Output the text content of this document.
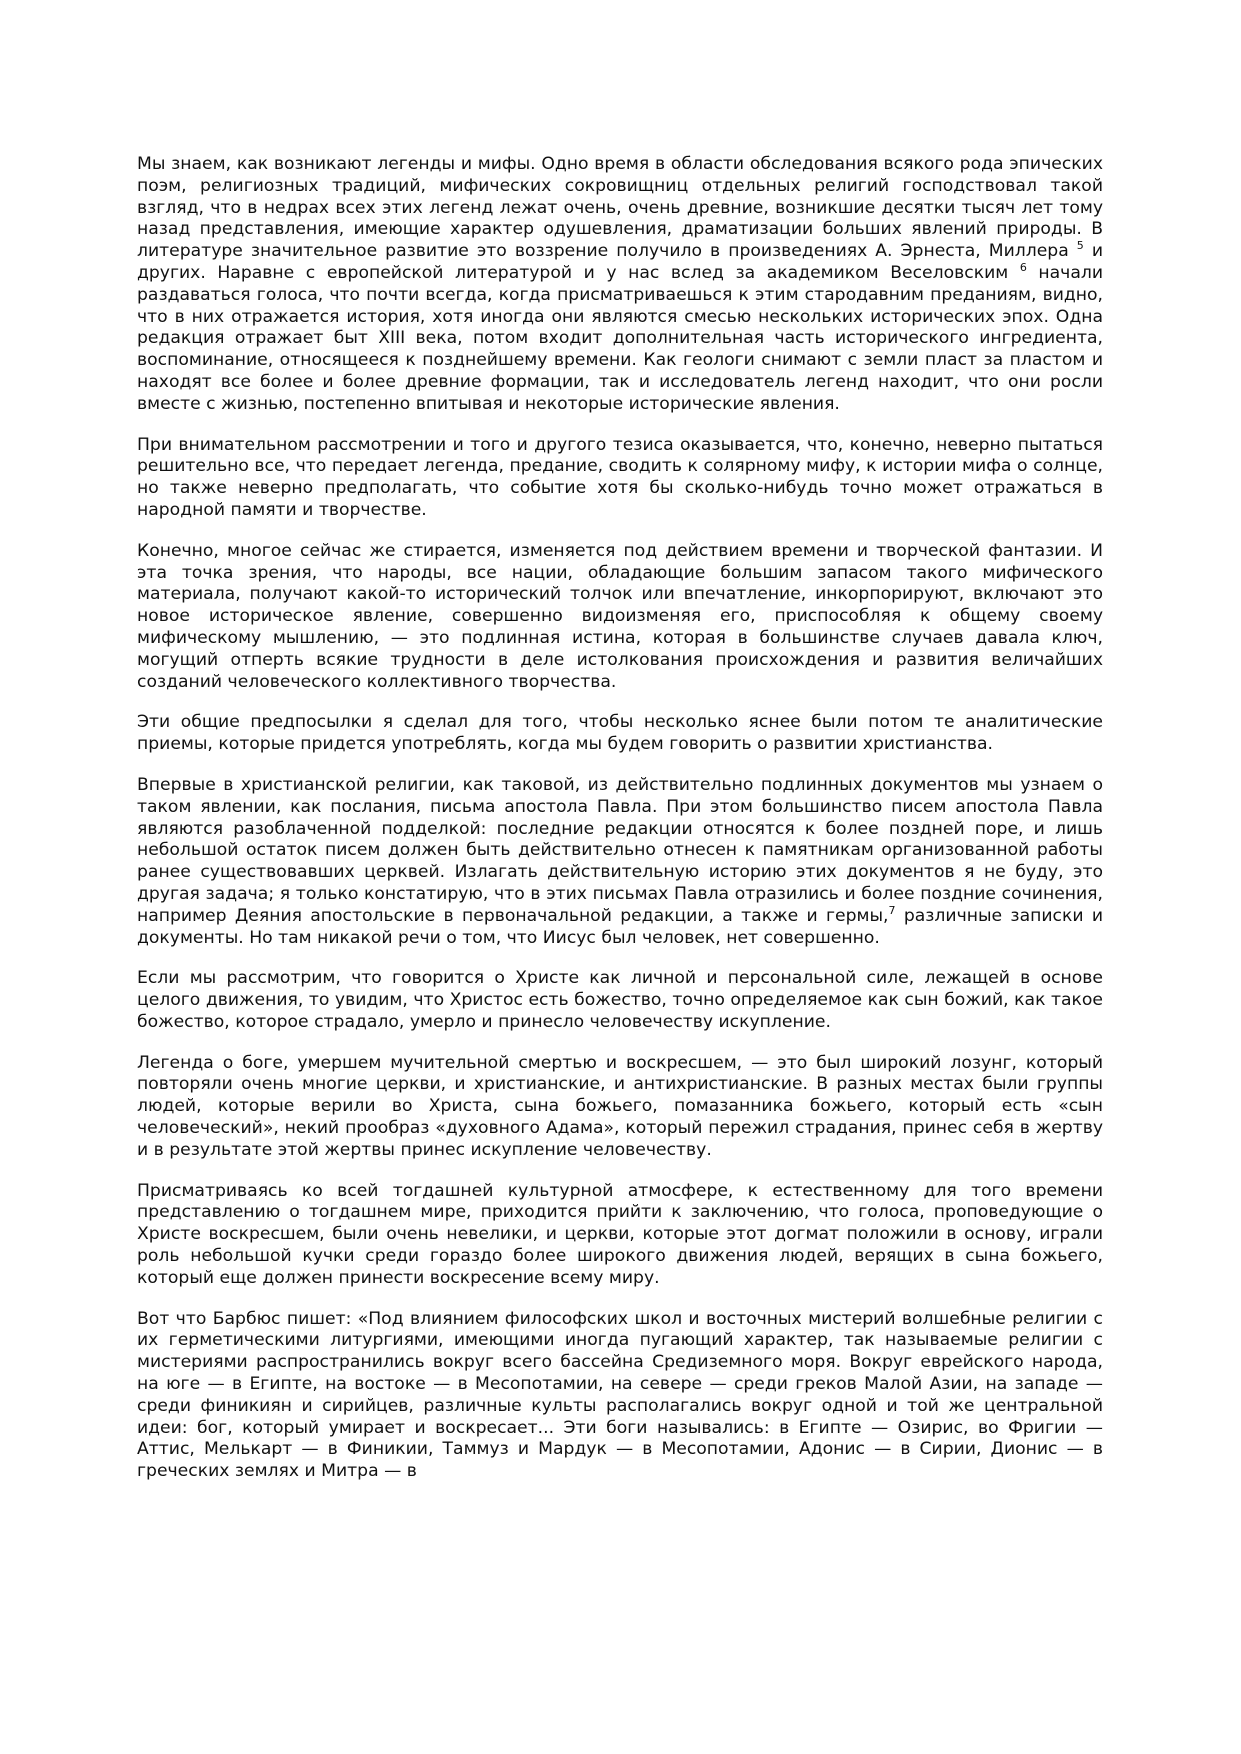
Мы знаем, как возникают легенды и мифы. Одно время в области обследования всякого рода эпических поэм, религиозных традиций, мифических сокровищниц отдельных религий господствовал такой взгляд, что в недрах всех этих легенд лежат очень, очень древние, возникшие десятки тысяч лет тому назад представления, имеющие характер одушевления, драматизации больших явлений природы. В литературе значительное развитие это воззрение получило в произведениях А. Эрнеста, Миллера $^5$ и других. Наравне с европейской литературой и у нас вслед за академиком Веселовским $^6$ начали раздаваться голоса, что почти всегда, когда присматриваешься к этим стародавним преданиям, видно, что в них отражается история, хотя иногда они являются смесью нескольких исторических эпох. Одна редакция отражает быт XIII века, потом входит дополнительная часть исторического ингредиента, воспоминание, относящееся к позднейшему времени. Как геологи снимают с земли пласт за пластом и находят все более и более древние формации, так и исследователь легенд находит, что они росли вместе с жизнью, постепенно впитывая и некоторые исторические явления.

При внимательном рассмотрении и того и другого тезиса оказывается, что, конечно, неверно пытаться решительно все, что передает легенда, предание, сводить к солярному мифу, к истории мифа о солнце, но также неверно предполагать, что событие хотя бы сколько-нибудь точно может отражаться в народной памяти и творчестве.

Конечно, многое сейчас же стирается, изменяется под действием времени и творческой фантазии. И эта точка зрения, что народы, все нации, обладающие большим запасом такого мифического материала, получают какой-то исторический толчок или впечатление, инкорпорируют, включают это новое историческое явление, совершенно видоизменяя его, приспособляя к общему своему мифическому мышлению, — это подлинная истина, которая в большинстве случаев давала ключ, могущий отперть всякие трудности в деле истолкования происхождения и развития величайших созданий человеческого коллективного творчества.

Эти общие предпосылки я сделал для того, чтобы несколько яснее были потом те аналитические приемы, которые придется употреблять, когда мы будем говорить о развитии христианства.

Впервые в христианской религии, как таковой, из действительно подлинных документов мы узнаем о таком явлении, как послания, письма апостола Павла. При этом большинство писем апостола Павла являются разоблаченной подделкой: последние редакции относятся к более поздней поре, и лишь небольшой остаток писем должен быть действительно отнесен к памятникам организованной работы ранее существовавших церквей. Излагать действительную историю этих документов я не буду, это другая задача; я только констатирую, что в этих письмах Павла отразились и более поздние сочинения, например Деяния апостольские в первоначальной редакции, а также и гермы,$^7$ различные записки и документы. Но там никакой речи о том, что Иисус был человек, нет совершенно.

Если мы рассмотрим, что говорится о Христе как личной и персональной силе, лежащей в основе целого движения, то увидим, что Христос есть божество, точно определяемое как сын божий, как такое божество, которое страдало, умерло и принесло человечеству искупление.

Легенда о боге, умершем мучительной смертью и воскресшем, — это был широкий лозунг, который повторяли очень многие церкви, и христианские, и антихристианские. В разных местах были группы людей, которые верили во Христа, сына божьего, помазанника божьего, который есть «сын человеческий», некий прообраз «духовного Адама», который пережил страдания, принес себя в жертву и в результате этой жертвы принес искупление человечеству.

Присматриваясь ко всей тогдашней культурной атмосфере, к естественному для того времени представлению о тогдашнем мире, приходится прийти к заключению, что голоса, проповедующие о Христе воскресшем, были очень невелики, и церкви, которые этот догмат положили в основу, играли роль небольшой кучки среди гораздо более широкого движения людей, верящих в сына божьего, который еще должен принести воскресение всему миру.

Вот что Барбюс пишет: «Под влиянием философских школ и восточных мистерий волшебные религии с их герметическими литургиями, имеющими иногда пугающий характер, так называемые религии с мистериями распространились вокруг всего бассейна Средиземного моря. Вокруг еврейского народа, на юге — в Египте, на востоке — в Месопотамии, на севере — среди греков Малой Азии, на западе — среди финикиян и сирийцев, различные культы располагались вокруг одной и той же центральной идеи: бог, который умирает и воскресает... Эти боги назывались: в Египте — Озирис, во Фригии — Аттис, Мелькарт — в Финикии, Таммуз и Мардук — в Месопотамии, Адонис — в Сирии, Дионис — в греческих землях и Митра — в
